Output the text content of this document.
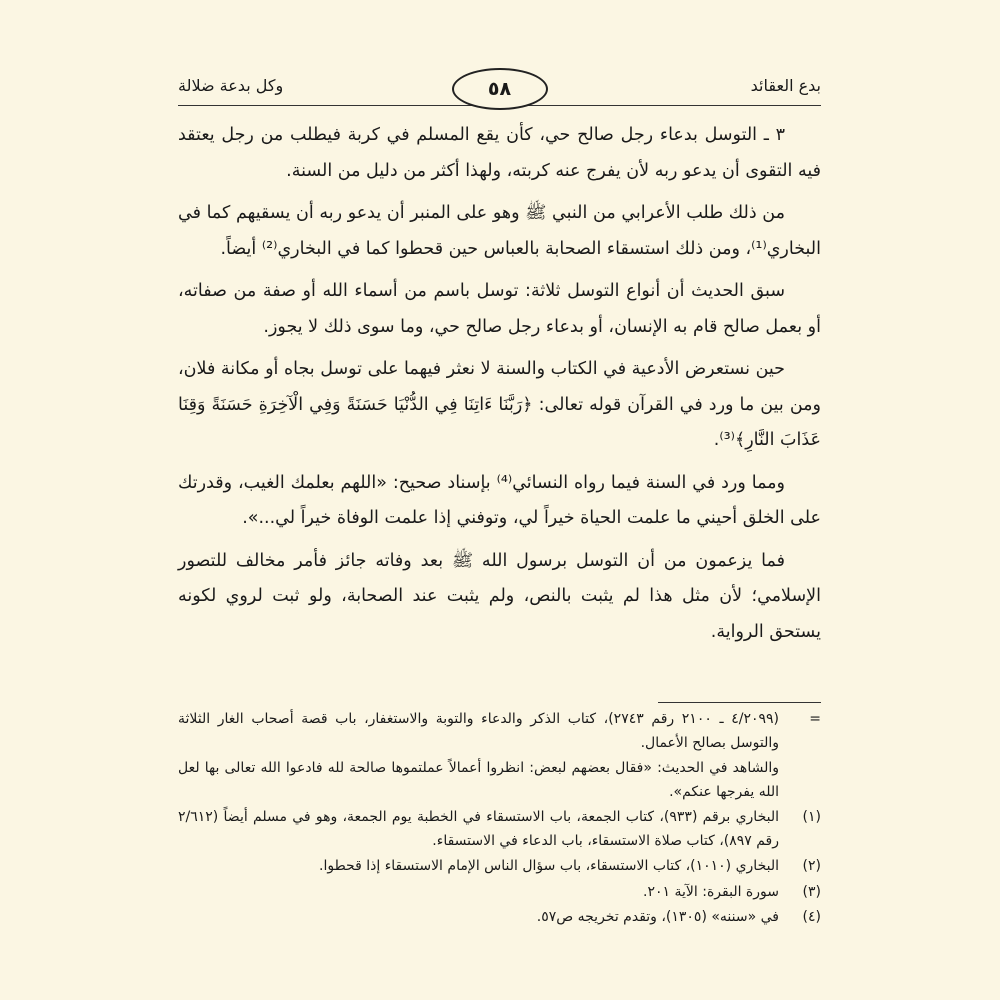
بدع العقائد
٥٨
وكل بدعة ضلالة

٣ ـ التوسل بدعاء رجل صالح حي، كأن يقع المسلم في كربة فيطلب من رجل يعتقد فيه التقوى أن يدعو ربه لأن يفرج عنه كربته، ولهذا أكثر من دليل من السنة.

من ذلك طلب الأعرابي من النبي ﷺ وهو على المنبر أن يدعو ربه أن يسقيهم كما في البخاري⁽¹⁾، ومن ذلك استسقاء الصحابة بالعباس حين قحطوا كما في البخاري⁽²⁾ أيضاً.

سبق الحديث أن أنواع التوسل ثلاثة: توسل باسم من أسماء الله أو صفة من صفاته، أو بعمل صالح قام به الإنسان، أو بدعاء رجل صالح حي، وما سوى ذلك لا يجوز.

حين نستعرض الأدعية في الكتاب والسنة لا نعثر فيهما على توسل بجاه أو مكانة فلان، ومن بين ما ورد في القرآن قوله تعالى: ﴿رَبَّنَا ءَاتِنَا فِي الدُّنْيَا حَسَنَةً وَفِي الْآخِرَةِ حَسَنَةً وَقِنَا عَذَابَ النَّارِ﴾⁽³⁾.

ومما ورد في السنة فيما رواه النسائي⁽⁴⁾ بإسناد صحيح: «اللهم بعلمك الغيب، وقدرتك على الخلق أحيني ما علمت الحياة خيراً لي، وتوفني إذا علمت الوفاة خيراً لي...».

فما يزعمون من أن التوسل برسول الله ﷺ بعد وفاته جائز فأمر مخالف للتصور الإسلامي؛ لأن مثل هذا لم يثبت بالنص، ولم يثبت عند الصحابة، ولو ثبت لروي لكونه يستحق الرواية.

=
(٤/٢٠٩٩ ـ ٢١٠٠ رقم ٢٧٤٣)، كتاب الذكر والدعاء والتوبة والاستغفار، باب قصة أصحاب الغار الثلاثة والتوسل بصالح الأعمال.
والشاهد في الحديث: «فقال بعضهم لبعض: انظروا أعمالاً عملتموها صالحة لله فادعوا الله تعالى بها لعل الله يفرجها عنكم».
(١)
البخاري برقم (٩٣٣)، كتاب الجمعة، باب الاستسقاء في الخطبة يوم الجمعة، وهو في مسلم أيضاً (٢/٦١٢ رقم ٨٩٧)، كتاب صلاة الاستسقاء، باب الدعاء في الاستسقاء.
(٢)
البخاري (١٠١٠)، كتاب الاستسقاء، باب سؤال الناس الإمام الاستسقاء إذا قحطوا.
(٣)
سورة البقرة: الآية ٢٠١.
(٤)
في «سننه» (١٣٠٥)، وتقدم تخريجه ص٥٧.
